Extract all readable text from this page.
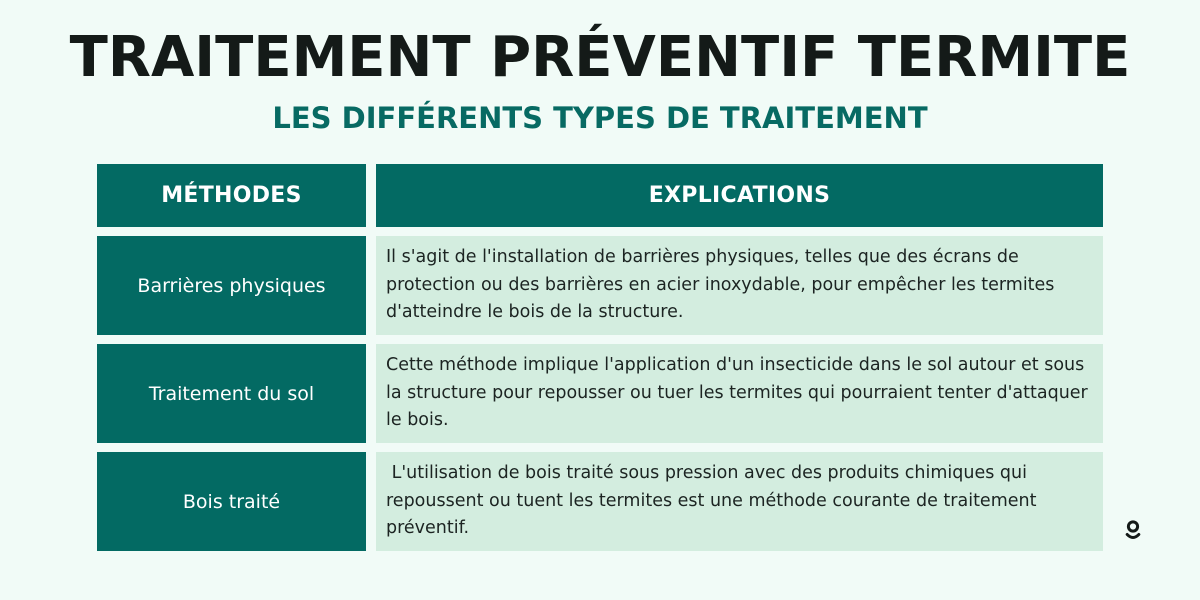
TRAITEMENT PRÉVENTIF TERMITE
LES DIFFÉRENTS TYPES DE TRAITEMENT
MÉTHODES	EXPLICATIONS
Barrières physiques
Il s'agit de l'installation de barrières physiques, telles que des écrans de protection ou des barrières en acier inoxydable, pour empêcher les termites d'atteindre le bois de la structure.
Traitement du sol
Cette méthode implique l'application d'un insecticide dans le sol autour et sous la structure pour repousser ou tuer les termites qui pourraient tenter d'attaquer le bois.
Bois traité
L'utilisation de bois traité sous pression avec des produits chimiques qui repoussent ou tuent les termites est une méthode courante de traitement préventif.
